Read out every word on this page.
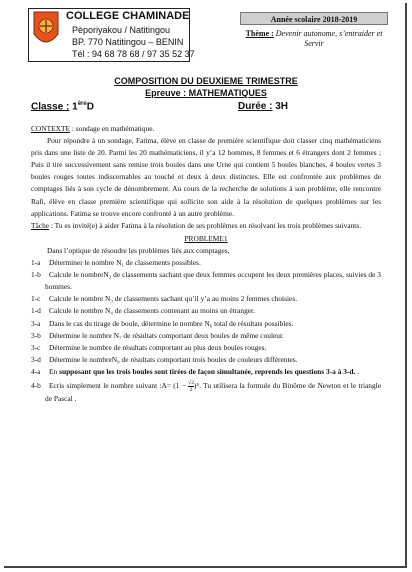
COLLEGE CHAMINADE
Pèporiyakou / Natitingou
BP. 770 Natitingou – BENIN
Tél : 94 68 78 68 / 97 35 52 37
Année scolaire 2018-2019
Thème : Devenir autonome, s’entraider et Servir
COMPOSITION DU DEUXIEME TRIMESTRE
Epreuve : MATHEMATIQUES
Classe : 1èreD	Durée : 3H

CONTEXTE : sondage en mathématique.

Pour répondre à un sondage, Fatima, élève en classe de première scientifique doit classer cinq mathématiciens pris dans une liste de 20. Parmi les 20 mathématiciens, il y’a 12 hommes, 8 femmes et 6 étrangers dont 2 femmes ; Puis il tire successivement sans remise trois boules dans une Urne qui contient 5 boules blanches, 4 boules vertes 3 boules rouges toutes indiscernables au touché et deux à deux distinctes. Elle est confrontée aux problèmes de comptages liés à son cycle de dénombrement. Au cours de la recherche de solutions à son problème, elle rencontre Rafi, élève en classe première scientifique qui sollicite son aide à la résolution de quelques problèmes sur les applications. Fatima se trouve encore confronté à un autre problème.

Tâche : Tu es invité(e) à aider Fatima à la résolution de ses problèmes en résolvant les trois problèmes suivants.

PROBLEME1

Dans l’optique de résoudre les problèmes liés aux comptages,

1-a Déterminer le nombre N₁ de classements possibles.
1-b Calcule le nombreN₂ de classements sachant que deux femmes occupent les deux premières places, suivies de 3 hommes.
1-c Calcule le nombre N₃ de classements sachant qu’il y’a au moins 2 femmes choisies.
1-d Calcule le nombre N₄ de classements contenant au moins un étranger.
3-a Dans le cas du tirage de boule, détermine le nombre N₆ total de résultats possibles.
3-b Détermine le nombre N₇ de résultats comportant deux boules de même couleur.
3-c Détermine le nombre de résultats comportant au plus deux boules rouges.
3-d Détermine le nombreN₈ de résultats comportant trois boules de couleurs différentes.
4-a En supposant que les trois boules sont tirées de façon simultanée, reprends les questions 3-a à 3-d. .
4-b Ecris simplement le nombre suivant :A= $(1 - \frac{√2}{2} )^5$. Tu utilisera la formule du Binôme de Newton et le triangle de Pascal .
